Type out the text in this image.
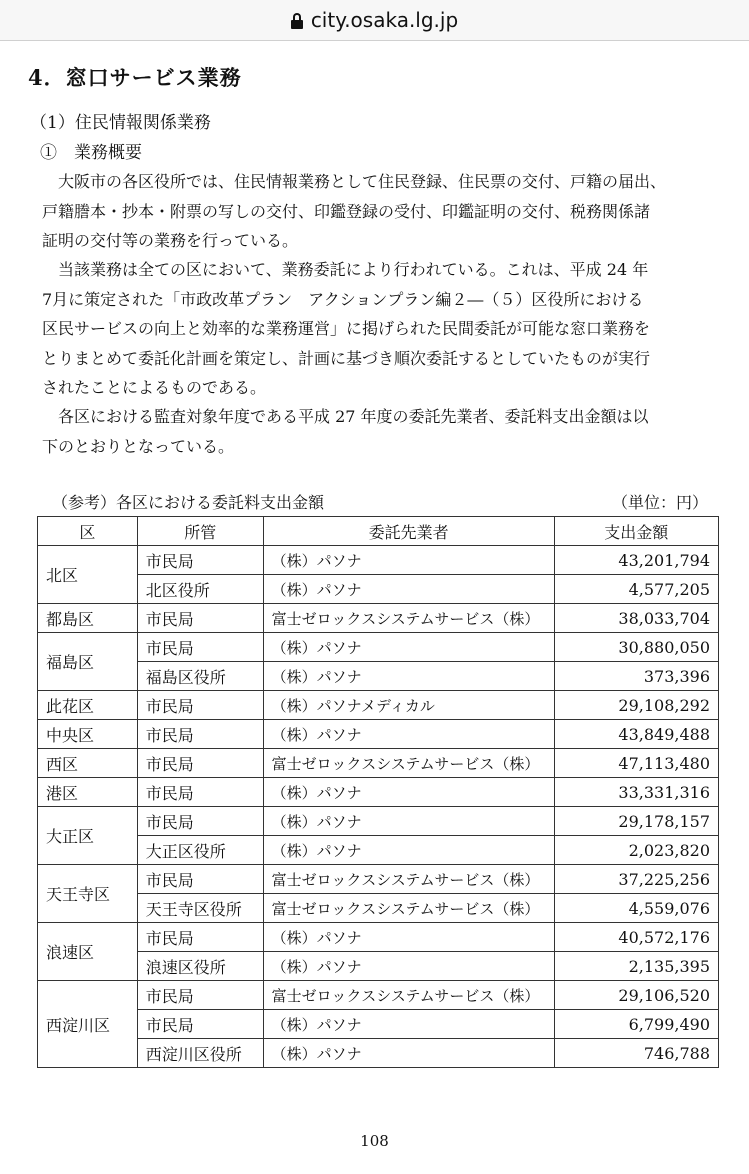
city.osaka.lg.jp
4．窓口サービス業務
（1）住民情報関係業務
①　業務概要
　大阪市の各区役所では、住民情報業務として住民登録、住民票の交付、戸籍の届出、
戸籍謄本・抄本・附票の写しの交付、印鑑登録の受付、印鑑証明の交付、税務関係諸
証明の交付等の業務を行っている。
　当該業務は全ての区において、業務委託により行われている。これは、平成 24 年
7月に策定された「市政改革プラン　アクションプラン編２―（５）区役所における
区民サービスの向上と効率的な業務運営」に掲げられた民間委託が可能な窓口業務を
とりまとめて委託化計画を策定し、計画に基づき順次委託するとしていたものが実行
されたことによるものである。
　各区における監査対象年度である平成 27 年度の委託先業者、委託料支出金額は以
下のとおりとなっている。
（参考）各区における委託料支出金額	（単位：円）
区	所管	委託先業者	支出金額
北区	市民局	（株）パソナ	43,201,794
	北区役所	（株）パソナ	4,577,205
都島区	市民局	富士ゼロックスシステムサービス（株）	38,033,704
福島区	市民局	（株）パソナ	30,880,050
	福島区役所	（株）パソナ	373,396
此花区	市民局	（株）パソナメディカル	29,108,292
中央区	市民局	（株）パソナ	43,849,488
西区	市民局	富士ゼロックスシステムサービス（株）	47,113,480
港区	市民局	（株）パソナ	33,331,316
大正区	市民局	（株）パソナ	29,178,157
	大正区役所	（株）パソナ	2,023,820
天王寺区	市民局	富士ゼロックスシステムサービス（株）	37,225,256
	天王寺区役所	富士ゼロックスシステムサービス（株）	4,559,076
浪速区	市民局	（株）パソナ	40,572,176
	浪速区役所	（株）パソナ	2,135,395
西淀川区	市民局	富士ゼロックスシステムサービス（株）	29,106,520
	市民局	（株）パソナ	6,799,490
	西淀川区役所	（株）パソナ	746,788
108
